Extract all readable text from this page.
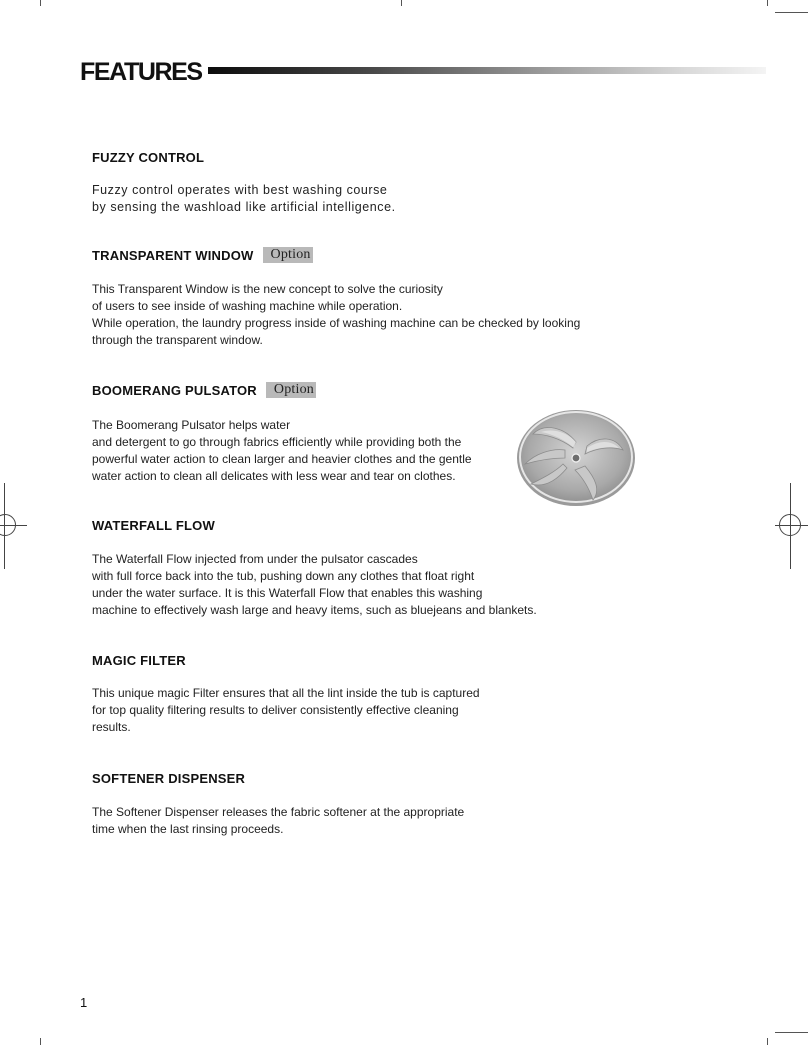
FEATURES
FUZZY CONTROL

Fuzzy control operates with best washing course
by sensing the washload like artificial intelligence.

TRANSPARENT WINDOW	Option

This Transparent Window is the new concept to solve the curiosity
of users to see inside of washing machine while operation.
While operation, the laundry progress inside of washing machine can be checked by looking
through the transparent window.

BOOMERANG PULSATOR	Option

The Boomerang Pulsator helps water
and detergent to go through fabrics efficiently while providing both the
powerful water action to clean larger and heavier clothes and the gentle
water action to clean all delicates with less wear and tear on clothes.

WATERFALL FLOW

The Waterfall Flow injected from under the pulsator cascades
with full force back into the tub, pushing down any clothes that float right
under the water surface. It is this Waterfall Flow that enables this washing
machine to effectively wash large and heavy items, such as bluejeans and blankets.

MAGIC FILTER

This unique magic Filter ensures that all the lint inside the tub is captured
for top quality filtering results to deliver consistently effective cleaning
results.

SOFTENER DISPENSER

The Softener Dispenser releases the fabric softener at the appropriate
time when the last rinsing proceeds.

1
